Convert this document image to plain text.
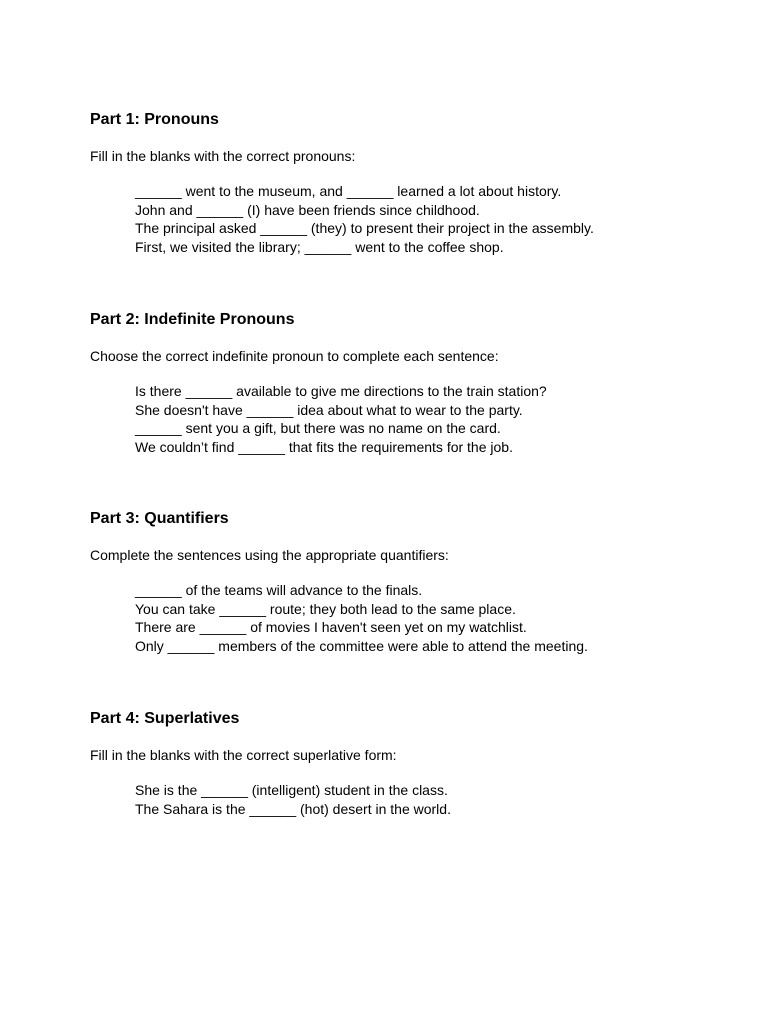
Part 1: Pronouns

Fill in the blanks with the correct pronouns:

______ went to the museum, and ______ learned a lot about history.
John and ______ (I) have been friends since childhood.
The principal asked ______ (they) to present their project in the assembly.
First, we visited the library; ______ went to the coffee shop.
Part 2: Indefinite Pronouns

Choose the correct indefinite pronoun to complete each sentence:

Is there ______ available to give me directions to the train station?
She doesn't have ______ idea about what to wear to the party.
______ sent you a gift, but there was no name on the card.
We couldn’t find ______ that fits the requirements for the job.
Part 3: Quantifiers

Complete the sentences using the appropriate quantifiers:

______ of the teams will advance to the finals.
You can take ______ route; they both lead to the same place.
There are ______ of movies I haven't seen yet on my watchlist.
Only ______ members of the committee were able to attend the meeting.
Part 4: Superlatives

Fill in the blanks with the correct superlative form:

She is the ______ (intelligent) student in the class.
The Sahara is the ______ (hot) desert in the world.
